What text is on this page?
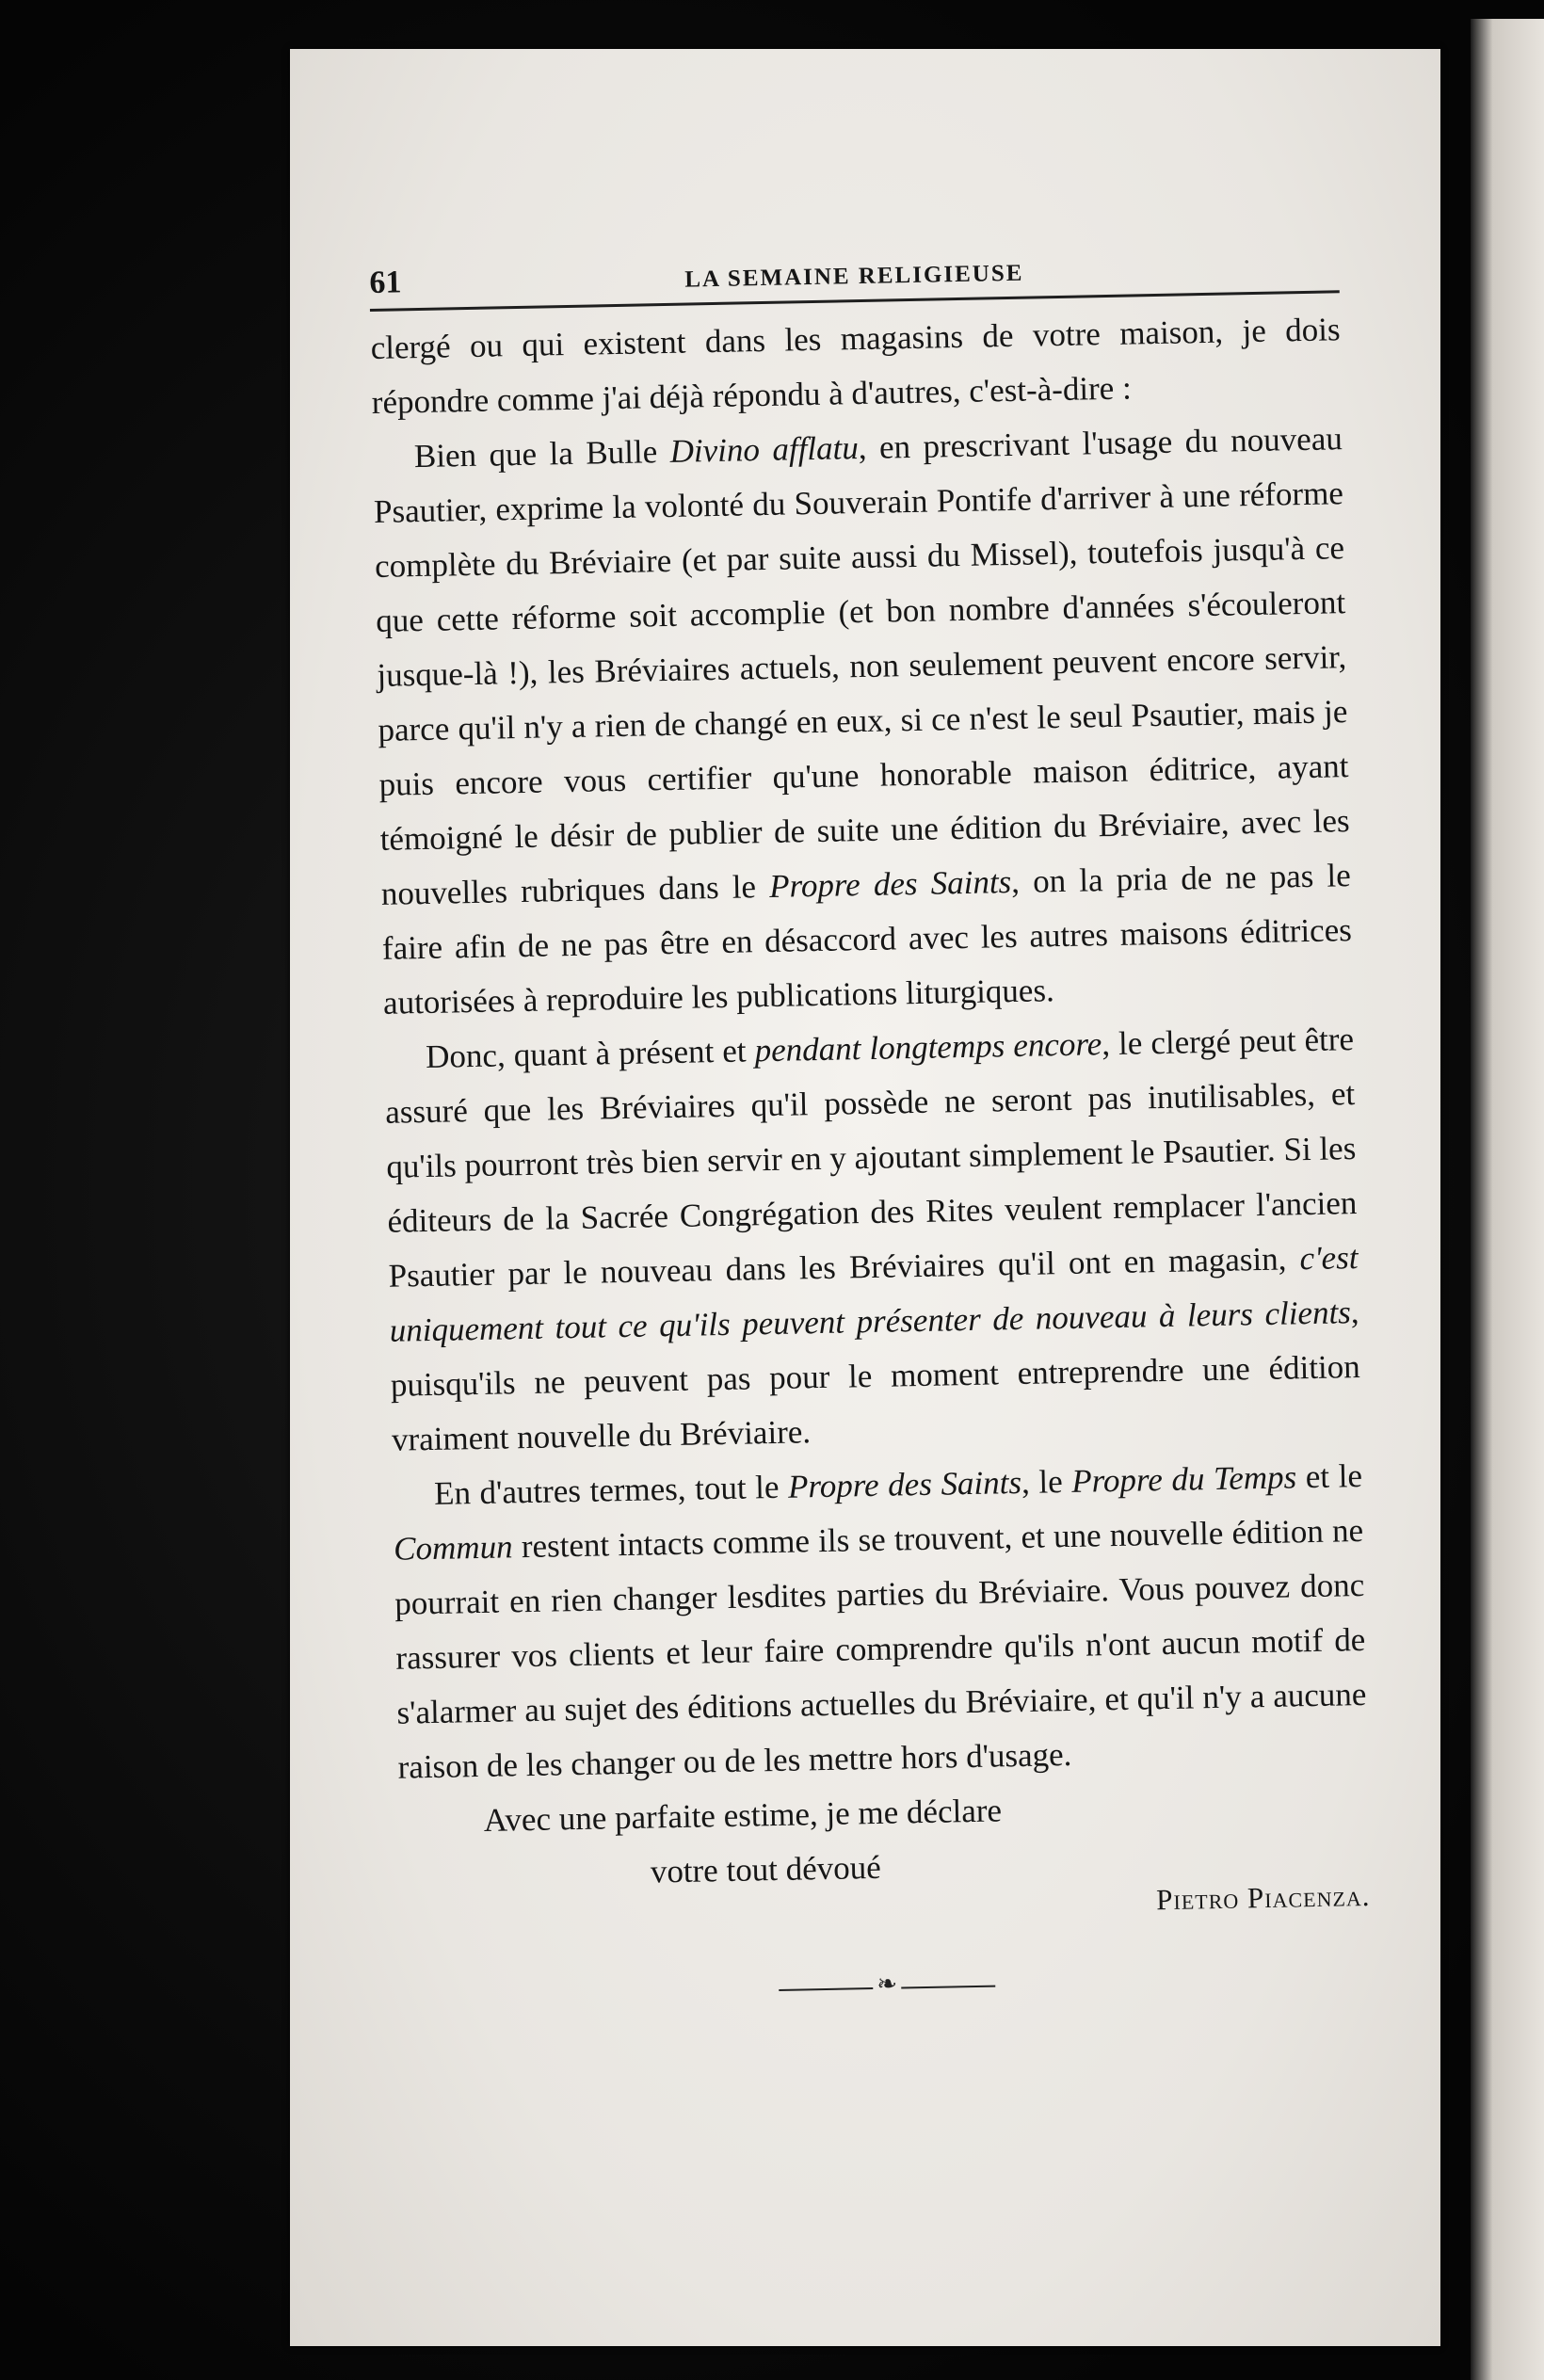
61	LA SEMAINE RELIGIEUSE

clergé ou qui existent dans les magasins de votre maison, je dois répondre comme j'ai déjà répondu à d'autres, c'est-à-dire :

Bien que la Bulle Divino afflatu, en prescrivant l'usage du nouveau Psautier, exprime la volonté du Souverain Pontife d'arriver à une réforme complète du Bréviaire (et par suite aussi du Missel), toutefois jusqu'à ce que cette réforme soit accomplie (et bon nombre d'années s'écouleront jusque-là !), les Bréviaires actuels, non seulement peuvent encore servir, parce qu'il n'y a rien de changé en eux, si ce n'est le seul Psautier, mais je puis encore vous certifier qu'une honorable maison éditrice, ayant témoigné le désir de publier de suite une édition du Bréviaire, avec les nouvelles rubriques dans le Propre des Saints, on la pria de ne pas le faire afin de ne pas être en désaccord avec les autres maisons éditrices autorisées à reproduire les publications liturgiques.

Donc, quant à présent et pendant longtemps encore, le clergé peut être assuré que les Bréviaires qu'il possède ne seront pas inutilisables, et qu'ils pourront très bien servir en y ajoutant simplement le Psautier. Si les éditeurs de la Sacrée Congrégation des Rites veulent remplacer l'ancien Psautier par le nouveau dans les Bréviaires qu'il ont en magasin, c'est uniquement tout ce qu'ils peuvent présenter de nouveau à leurs clients, puisqu'ils ne peuvent pas pour le moment entreprendre une édition vraiment nouvelle du Bréviaire.

En d'autres termes, tout le Propre des Saints, le Propre du Temps et le Commun restent intacts comme ils se trouvent, et une nouvelle édition ne pourrait en rien changer lesdites parties du Bréviaire. Vous pouvez donc rassurer vos clients et leur faire comprendre qu'ils n'ont aucun motif de s'alarmer au sujet des éditions actuelles du Bréviaire, et qu'il n'y a aucune raison de les changer ou de les mettre hors d'usage.

Avec une parfaite estime, je me déclare

votre tout dévoué

Pietro Piacenza.

❧
